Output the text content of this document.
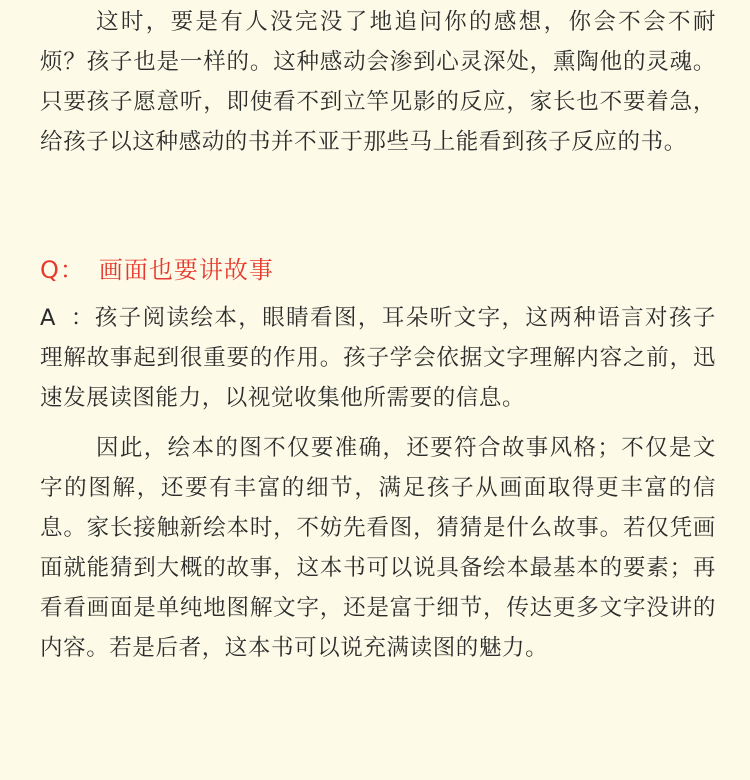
这时，要是有人没完没了地追问你的感想，你会不会不耐烦？孩子也是一样的。这种感动会渗到心灵深处，熏陶他的灵魂。只要孩子愿意听，即使看不到立竿见影的反应，家长也不要着急，给孩子以这种感动的书并不亚于那些马上能看到孩子反应的书。

Q： 画面也要讲故事

A ：孩子阅读绘本，眼睛看图，耳朵听文字，这两种语言对孩子理解故事起到很重要的作用。孩子学会依据文字理解内容之前，迅速发展读图能力，以视觉收集他所需要的信息。

因此，绘本的图不仅要准确，还要符合故事风格；不仅是文字的图解，还要有丰富的细节，满足孩子从画面取得更丰富的信息。家长接触新绘本时，不妨先看图，猜猜是什么故事。若仅凭画面就能猜到大概的故事，这本书可以说具备绘本最基本的要素；再看看画面是单纯地图解文字，还是富于细节，传达更多文字没讲的内容。若是后者，这本书可以说充满读图的魅力。
